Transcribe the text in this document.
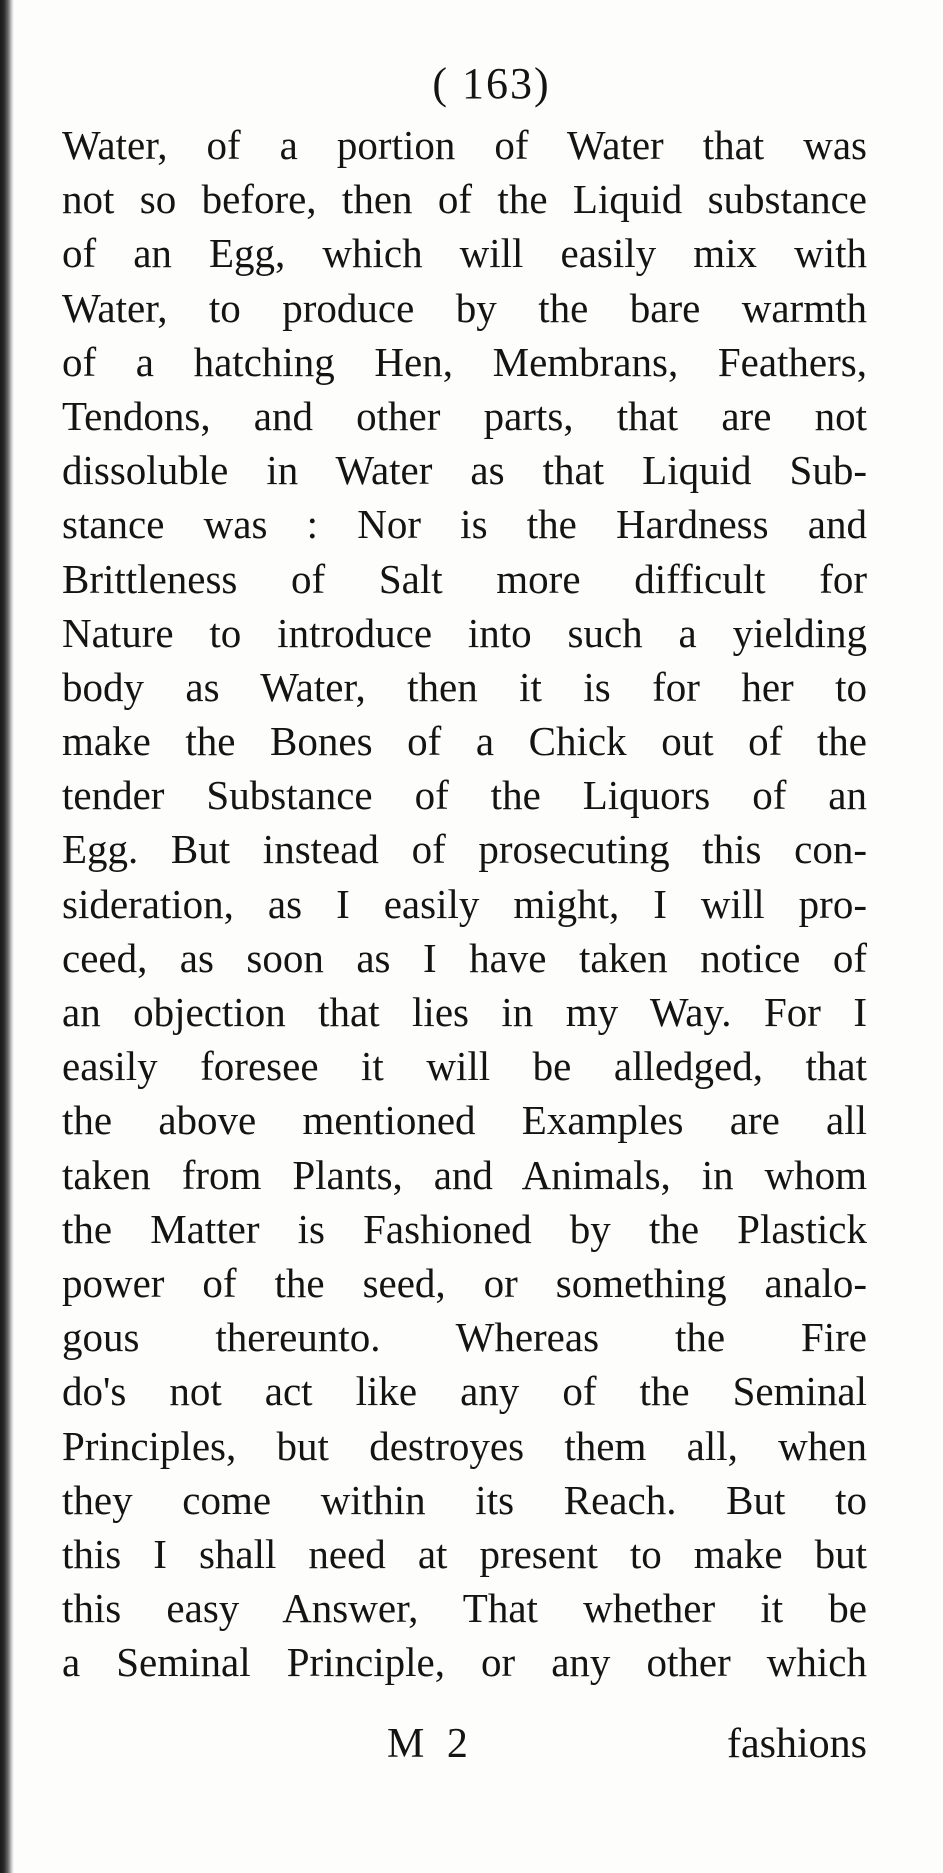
( 163)
Water, of a portion of Water that was
not so before, then of the Liquid substance
of an Egg, which will easily mix with
Water, to produce by the bare warmth
of a hatching Hen, Membrans, Feathers,
Tendons, and other parts, that are not
dissoluble in Water as that Liquid Sub-
stance was : Nor is the Hardness and
Brittleness of Salt more difficult for
Nature to introduce into such a yielding
body as Water, then it is for her to
make the Bones of a Chick out of the
tender Substance of the Liquors of an
Egg. But instead of prosecuting this con-
sideration, as I easily might, I will pro-
ceed, as soon as I have taken notice of
an objection that lies in my Way. For I
easily foresee it will be alledged, that
the above mentioned Examples are all
taken from Plants, and Animals, in whom
the Matter is Fashioned by the Plastick
power of the seed, or something analo-
gous thereunto. Whereas the Fire
do's not act like any of the Seminal
Principles, but destroyes them all, when
they come within its Reach. But to
this I shall need at present to make but
this easy Answer, That whether it be
a Seminal Principle, or any other which
M 2	fashions
